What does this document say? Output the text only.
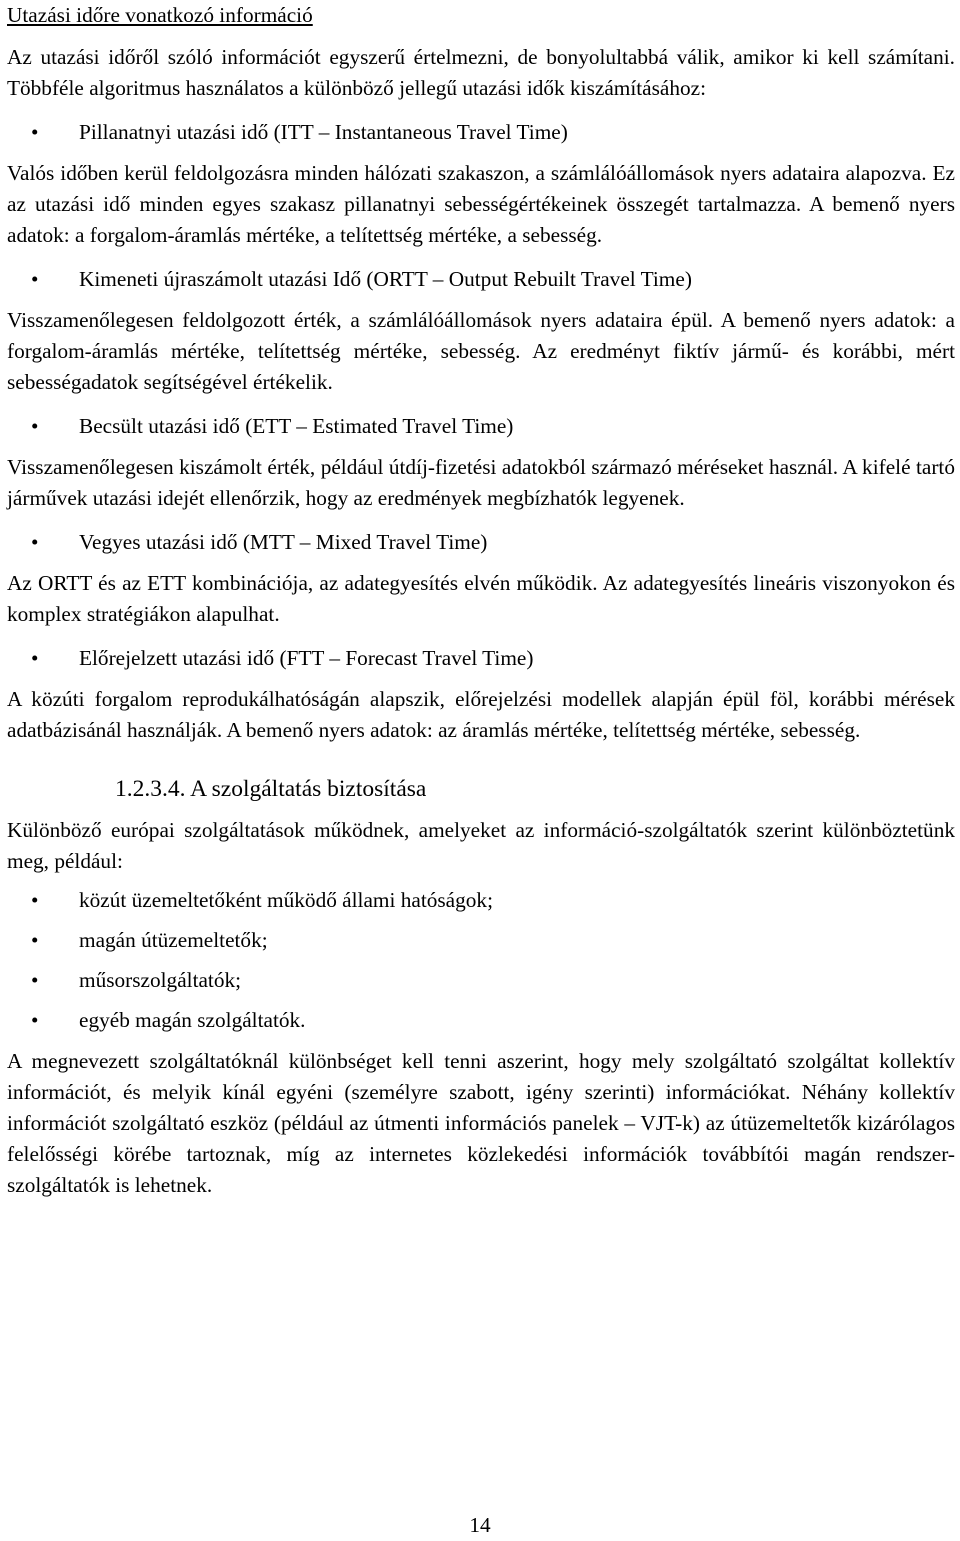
Utazási időre vonatkozó információ

Az utazási időről szóló információt egyszerű értelmezni, de bonyolultabbá válik, amikor ki kell számítani. Többféle algoritmus használatos a különböző jellegű utazási idők kiszámításához:

• Pillanatnyi utazási idő (ITT – Instantaneous Travel Time)

Valós időben kerül feldolgozásra minden hálózati szakaszon, a számlálóállomások nyers adataira alapozva. Ez az utazási idő minden egyes szakasz pillanatnyi sebességértékeinek összegét tartalmazza. A bemenő nyers adatok: a forgalom-áramlás mértéke, a telítettség mértéke, a sebesség.

• Kimeneti újraszámolt utazási Idő (ORTT – Output Rebuilt Travel Time)

Visszamenőlegesen feldolgozott érték, a számlálóállomások nyers adataira épül. A bemenő nyers adatok: a forgalom-áramlás mértéke, telítettség mértéke, sebesség. Az eredményt fiktív jármű- és korábbi, mért sebességadatok segítségével értékelik.

• Becsült utazási idő (ETT – Estimated Travel Time)

Visszamenőlegesen kiszámolt érték, például útdíj-fizetési adatokból származó méréseket használ. A kifelé tartó járművek utazási idejét ellenőrzik, hogy az eredmények megbízhatók legyenek.

• Vegyes utazási idő (MTT – Mixed Travel Time)

Az ORTT és az ETT kombinációja, az adategyesítés elvén működik. Az adategyesítés lineáris viszonyokon és komplex stratégiákon alapulhat.

• Előrejelzett utazási idő (FTT – Forecast Travel Time)

A közúti forgalom reprodukálhatóságán alapszik, előrejelzési modellek alapján épül föl, korábbi mérések adatbázisánál használják. A bemenő nyers adatok: az áramlás mértéke, telítettség mértéke, sebesség.

1.2.3.4. A szolgáltatás biztosítása

Különböző európai szolgáltatások működnek, amelyeket az információ-szolgáltatók szerint különböztetünk meg, például:

• közút üzemeltetőként működő állami hatóságok;
• magán útüzemeltetők;
• műsorszolgáltatók;
• egyéb magán szolgáltatók.

A megnevezett szolgáltatóknál különbséget kell tenni aszerint, hogy mely szolgáltató szolgáltat kollektív információt, és melyik kínál egyéni (személyre szabott, igény szerinti) információkat. Néhány kollektív információt szolgáltató eszköz (például az útmenti információs panelek – VJT-k) az útüzemeltetők kizárólagos felelősségi körébe tartoznak, míg az internetes közlekedési információk továbbítói magán rendszer-szolgáltatók is lehetnek.

14
